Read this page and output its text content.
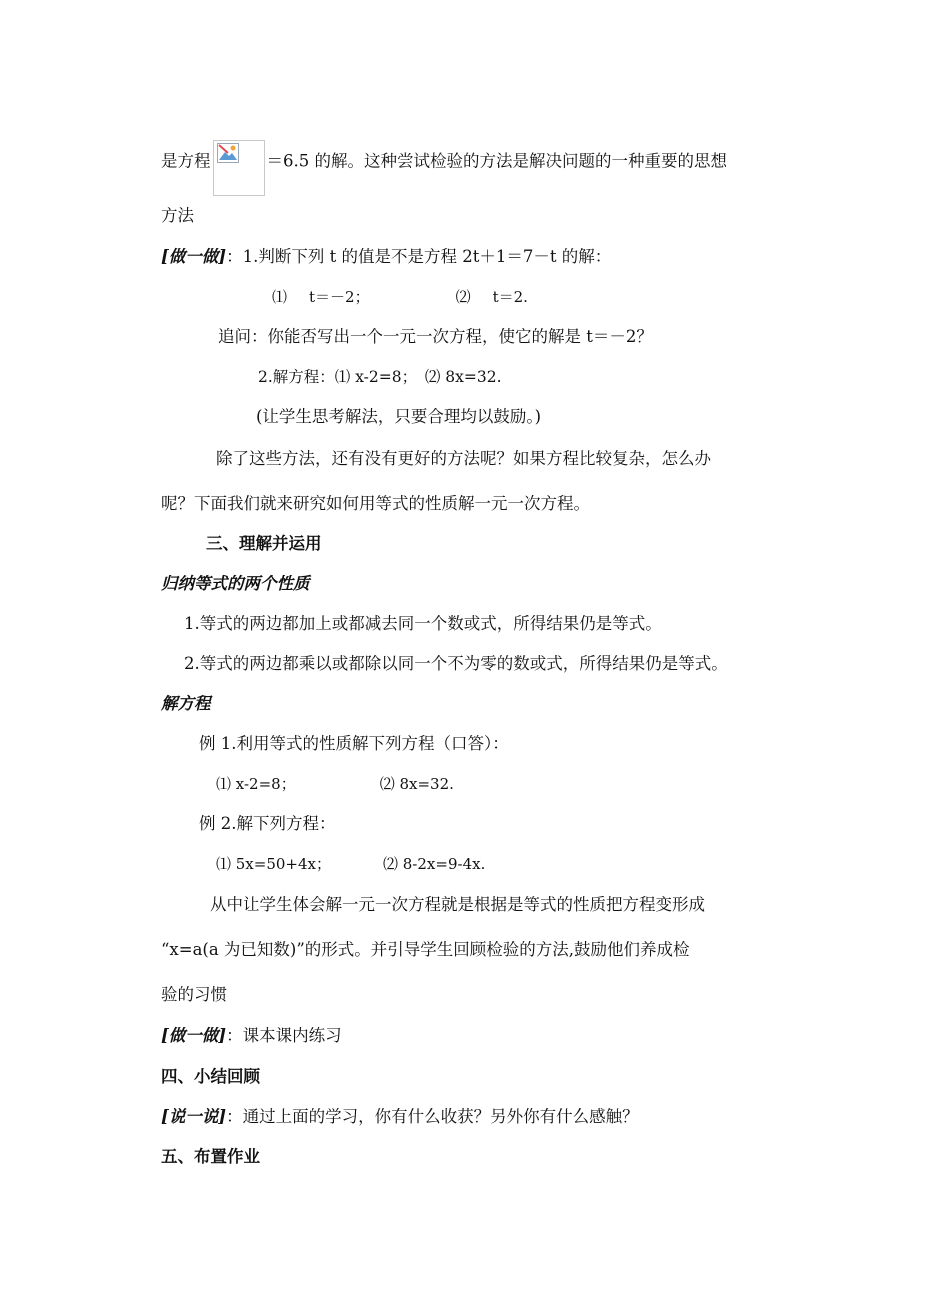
是方程	＝6.5 的解。这种尝试检验的方法是解决问题的一种重要的思想
方法
[做一做]：1.判断下列 t 的值是不是方程 2t＋1＝7－t 的解：
⑴ t＝－2；	⑵ t＝2.
追问：你能否写出一个一元一次方程，使它的解是 t＝－2？
2.解方程：⑴ x-2=8；　⑵ 8x=32.
(让学生思考解法，只要合理均以鼓励。)
除了这些方法，还有没有更好的方法呢？如果方程比较复杂，怎么办
呢？下面我们就来研究如何用等式的性质解一元一次方程。
三、理解并运用
归纳等式的两个性质
1.等式的两边都加上或都减去同一个数或式，所得结果仍是等式。
2.等式的两边都乘以或都除以同一个不为零的数或式，所得结果仍是等式。
解方程
例 1.利用等式的性质解下列方程（口答）：
⑴ x-2=8；	⑵ 8x=32.
例 2.解下列方程：
⑴ 5x=50+4x；	⑵ 8-2x=9-4x.
从中让学生体会解一元一次方程就是根据是等式的性质把方程变形成
“x=a(a 为已知数)”的形式。并引导学生回顾检验的方法,鼓励他们养成检
验的习惯
[做一做]：课本课内练习
四、小结回顾
[说一说]：通过上面的学习，你有什么收获？另外你有什么感触？
五、布置作业
